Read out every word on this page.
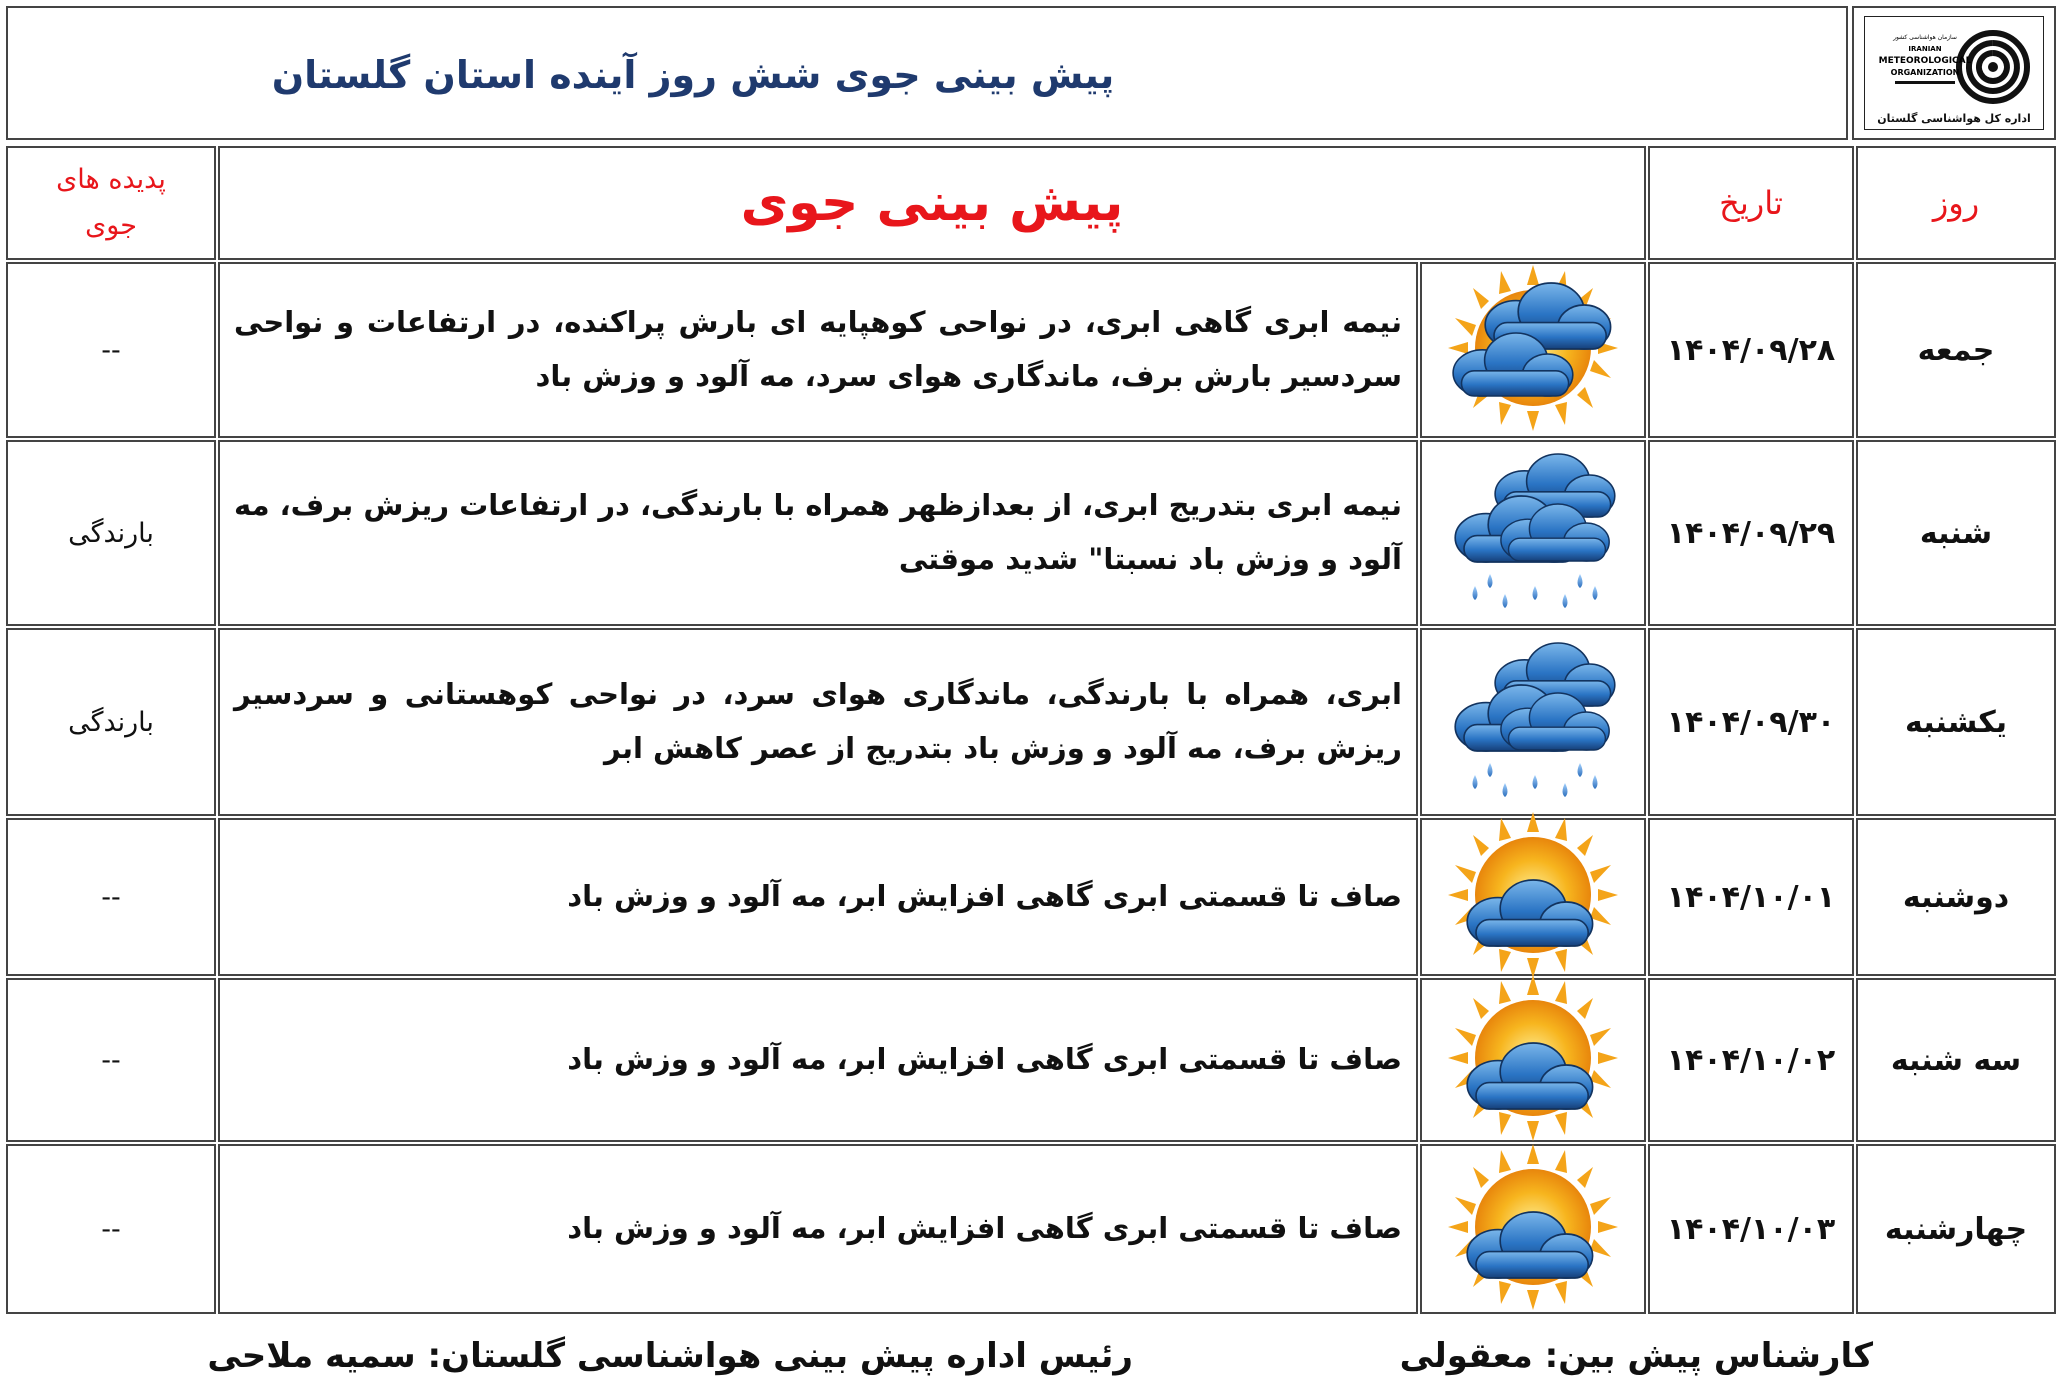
پیش بینی جوی شش روز آینده استان گلستان
سازمان هواشناسی کشور
IRANIAN
METEOROLOGICAL
ORGANIZATION
اداره کل هواشناسی گلستان
روز
تاریخ
پیش بینی جوی
پدیده های جوی
جمعه
۱۴۰۴/۰۹/۲۸
نیمه ابری گاهی ابری، در نواحی کوهپایه ای بارش پراکنده، در ارتفاعات و نواحی سردسیر بارش برف، ماندگاری هوای سرد، مه آلود و وزش باد
--
شنبه
۱۴۰۴/۰۹/۲۹
نیمه ابری بتدریج ابری، از بعدازظهر همراه با بارندگی، در ارتفاعات ریزش برف، مه آلود و وزش باد نسبتا" شدید موقتی
بارندگی
یکشنبه
۱۴۰۴/۰۹/۳۰
ابری، همراه با بارندگی، ماندگاری هوای سرد، در نواحی کوهستانی و سردسیر ریزش برف، مه آلود و وزش باد بتدریج از عصر کاهش ابر
بارندگی
دوشنبه
۱۴۰۴/۱۰/۰۱
صاف تا قسمتی ابری گاهی افزایش ابر، مه آلود و وزش باد
--
سه شنبه
۱۴۰۴/۱۰/۰۲
صاف تا قسمتی ابری گاهی افزایش ابر، مه آلود و وزش باد
--
چهارشنبه
۱۴۰۴/۱۰/۰۳
صاف تا قسمتی ابری گاهی افزایش ابر، مه آلود و وزش باد
--
کارشناس پیش بین: معقولی
رئیس اداره پیش بینی هواشناسی گلستان: سمیه ملاحی
